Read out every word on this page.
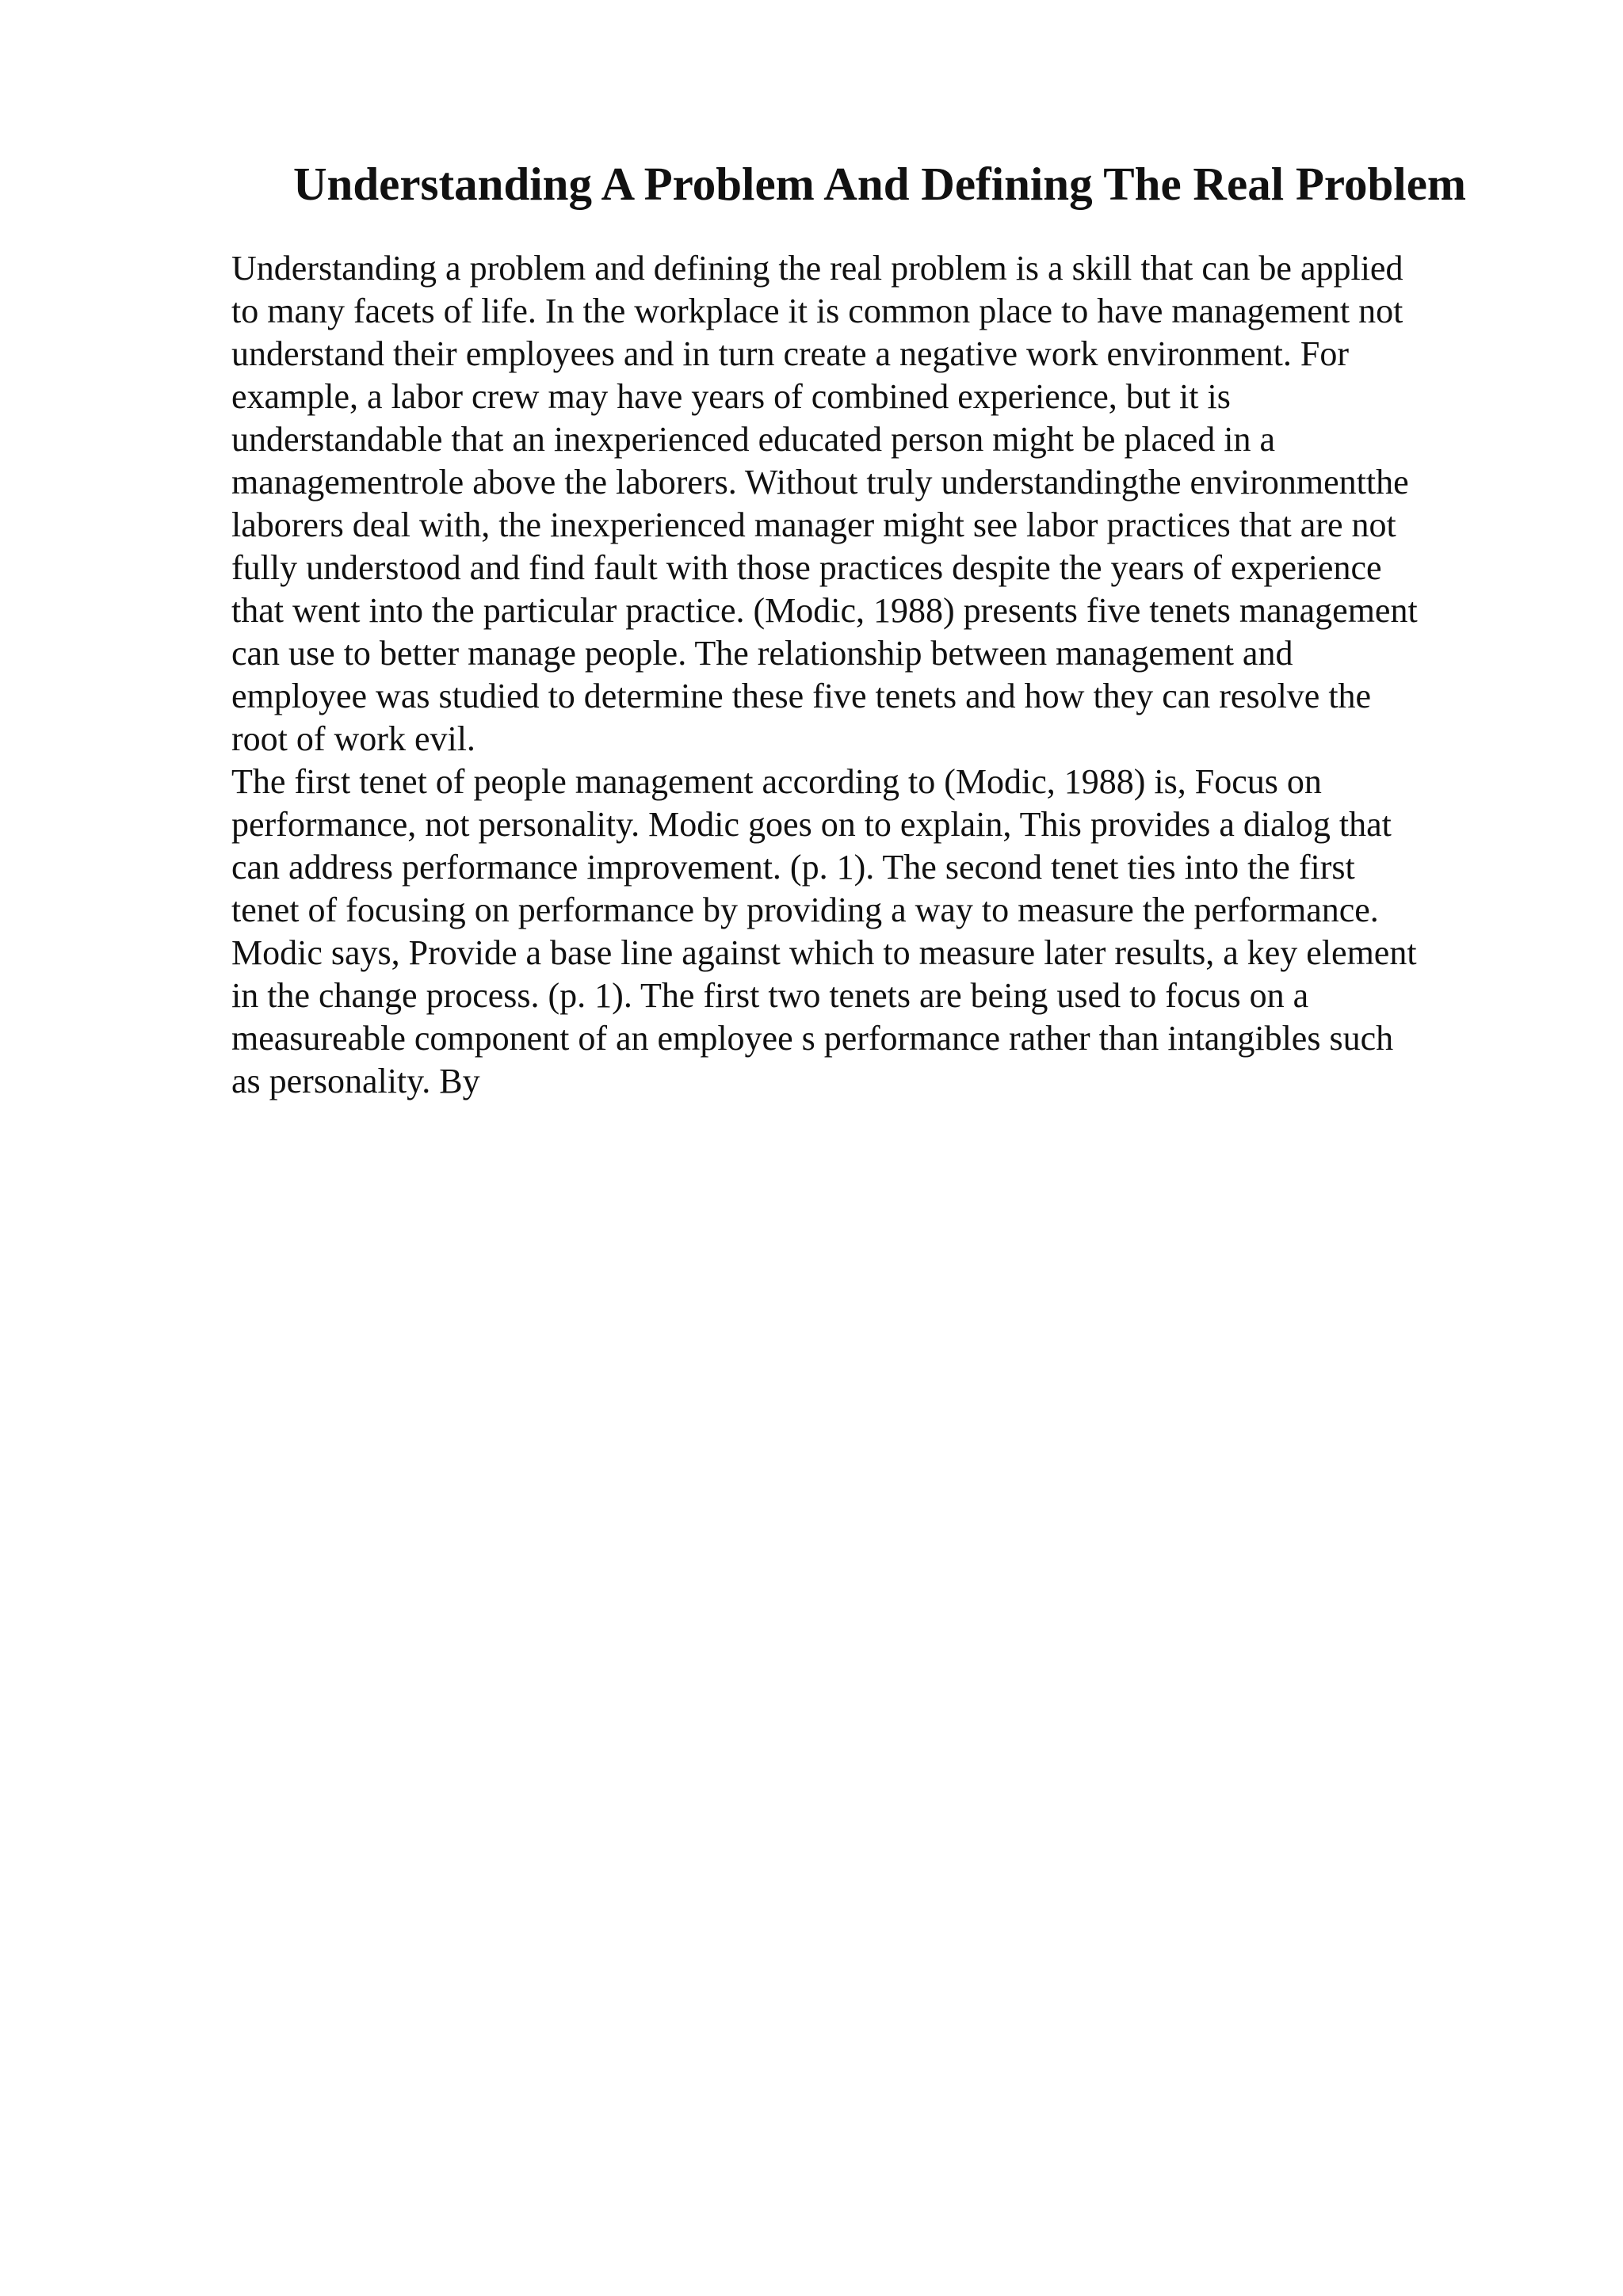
Understanding A Problem And Defining The Real Problem

Understanding a problem and defining the real problem is a skill that can be applied

to many facets of life. In the workplace it is common place to have management not

understand their employees and in turn create a negative work environment. For

example, a labor crew may have years of combined experience, but it is

understandable that an inexperienced educated person might be placed in a

managementrole above the laborers. Without truly understandingthe environmentthe

laborers deal with, the inexperienced manager might see labor practices that are not

fully understood and find fault with those practices despite the years of experience

that went into the particular practice. (Modic, 1988) presents five tenets management

can use to better manage people. The relationship between management and

employee was studied to determine these five tenets and how they can resolve the

root of work evil.

The first tenet of people management according to (Modic, 1988) is, Focus on

performance, not personality. Modic goes on to explain, This provides a dialog that

can address performance improvement. (p. 1). The second tenet ties into the first

tenet of focusing on performance by providing a way to measure the performance.

Modic says, Provide a base line against which to measure later results, a key element

in the change process. (p. 1). The first two tenets are being used to focus on a

measureable component of an employee s performance rather than intangibles such

as personality. By
